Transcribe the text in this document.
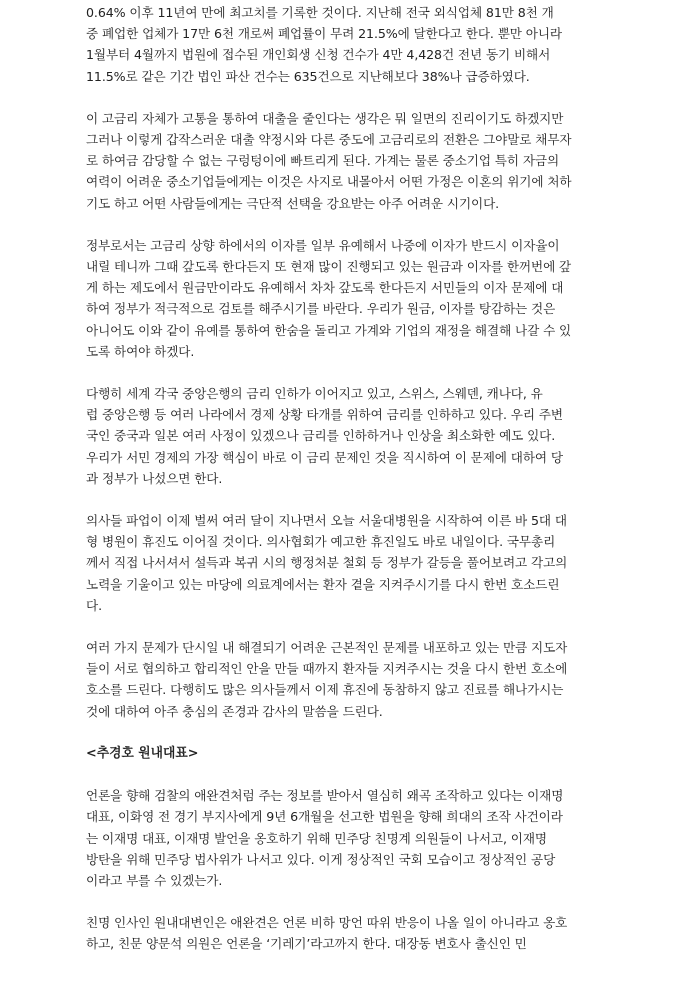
0.64% 이후 11년여 만에 최고치를 기록한 것이다. 지난해 전국 외식업체 81만 8천 개
중 폐업한 업체가 17만 6천 개로써 폐업률이 무려 21.5%에 달한다고 한다. 뿐만 아니라
1월부터 4월까지 법원에 접수된 개인회생 신청 건수가 4만 4,428건 전년 동기 비해서
11.5%로 같은 기간 법인 파산 건수는 635건으로 지난해보다 38%나 급증하였다.

이 고금리 자체가 고통을 통하여 대출을 줄인다는 생각은 뭐 일면의 진리이기도 하겠지만
그러나 이렇게 갑작스러운 대출 약정시와 다른 중도에 고금리로의 전환은 그야말로 채무자
로 하여금 감당할 수 없는 구렁텅이에 빠트리게 된다. 가계는 물론 중소기업 특히 자금의
여력이 어려운 중소기업들에게는 이것은 사지로 내몰아서 어떤 가정은 이혼의 위기에 처하
기도 하고 어떤 사람들에게는 극단적 선택을 강요받는 아주 어려운 시기이다.

정부로서는 고금리 상향 하에서의 이자를 일부 유예해서 나중에 이자가 반드시 이자율이
내릴 테니까 그때 갚도록 한다든지 또 현재 많이 진행되고 있는 원금과 이자를 한꺼번에 갚
게 하는 제도에서 원금만이라도 유예해서 차차 갚도록 한다든지 서민들의 이자 문제에 대
하여 정부가 적극적으로 검토를 해주시기를 바란다. 우리가 원금, 이자를 탕감하는 것은
아니어도 이와 같이 유예를 통하여 한숨을 돌리고 가계와 기업의 재정을 해결해 나갈 수 있
도록 하여야 하겠다.

다행히 세계 각국 중앙은행의 금리 인하가 이어지고 있고, 스위스, 스웨덴, 캐나다, 유
럽 중앙은행 등 여러 나라에서 경제 상황 타개를 위하여 금리를 인하하고 있다. 우리 주변
국인 중국과 일본 여러 사정이 있겠으나 금리를 인하하거나 인상을 최소화한 예도 있다.
우리가 서민 경제의 가장 핵심이 바로 이 금리 문제인 것을 직시하여 이 문제에 대하여 당
과 정부가 나섰으면 한다.

의사들 파업이 이제 벌써 여러 달이 지나면서 오늘 서울대병원을 시작하여 이른 바 5대 대
형 병원이 휴진도 이어질 것이다. 의사협회가 예고한 휴진일도 바로 내일이다. 국무총리
께서 직접 나서셔서 설득과 복귀 시의 행정처분 철회 등 정부가 갈등을 풀어보려고 각고의
노력을 기울이고 있는 마당에 의료계에서는 환자 곁을 지켜주시기를 다시 한번 호소드린
다.

여러 가지 문제가 단시일 내 해결되기 어려운 근본적인 문제를 내포하고 있는 만큼 지도자
들이 서로 협의하고 합리적인 안을 만들 때까지 환자들 지켜주시는 것을 다시 한번 호소에
호소를 드린다. 다행히도 많은 의사들께서 이제 휴진에 동참하지 않고 진료를 해나가시는
것에 대하여 아주 충심의 존경과 감사의 말씀을 드린다.

<추경호 원내대표>

언론을 향해 검찰의 애완견처럼 주는 정보를 받아서 열심히 왜곡 조작하고 있다는 이재명
대표, 이화영 전 경기 부지사에게 9년 6개월을 선고한 법원을 향해 희대의 조작 사건이라
는 이재명 대표, 이재명 발언을 옹호하기 위해 민주당 친명계 의원들이 나서고, 이재명
방탄을 위해 민주당 법사위가 나서고 있다. 이게 정상적인 국회 모습이고 정상적인 공당
이라고 부를 수 있겠는가.

친명 인사인 원내대변인은 애완견은 언론 비하 망언 따위 반응이 나올 일이 아니라고 옹호
하고, 친문 양문석 의원은 언론을 ‘기레기’라고까지 한다. 대장동 변호사 출신인 민
